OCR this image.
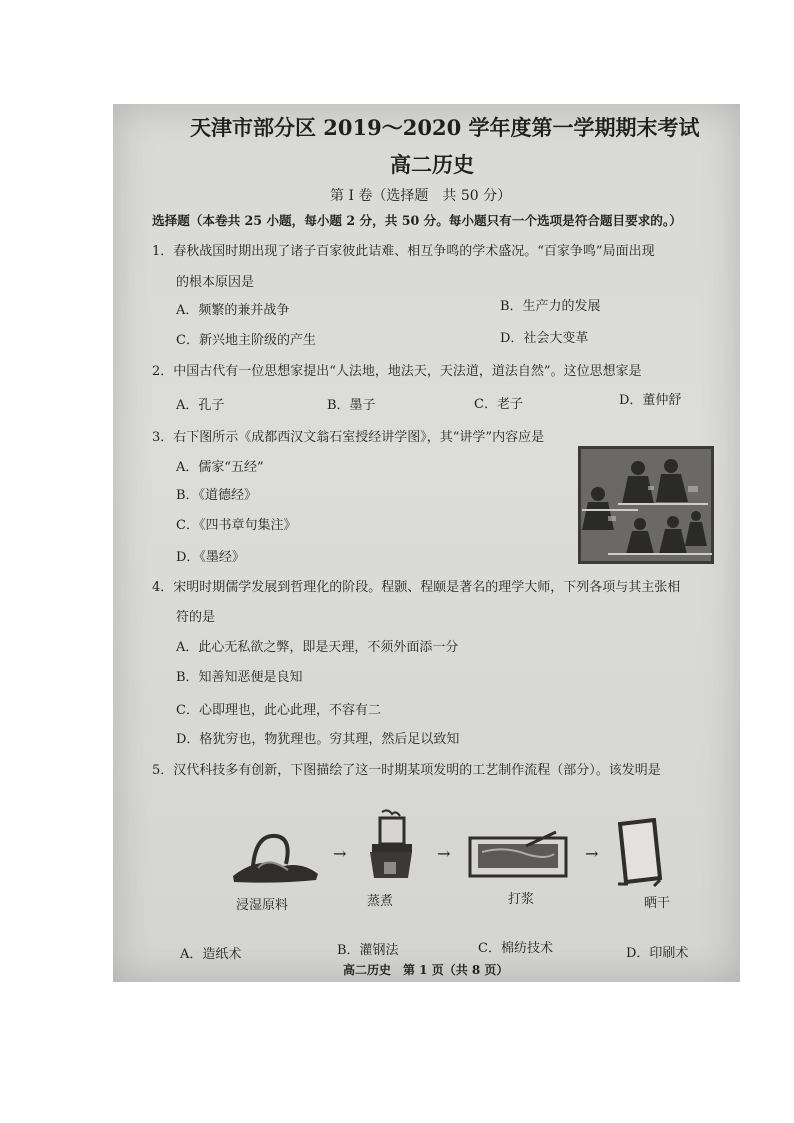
天津市部分区 2019～2020 学年度第一学期期末考试
高二历史
第 I 卷（选择题　共 50 分）
选择题（本卷共 25 小题，每小题 2 分，共 50 分。每小题只有一个选项是符合题目要求的。）
1．春秋战国时期出现了诸子百家彼此诘难、相互争鸣的学术盛况。“百家争鸣”局面出现
的根本原因是
A．频繁的兼并战争	B．生产力的发展
C．新兴地主阶级的产生	D．社会大变革
2．中国古代有一位思想家提出“人法地，地法天，天法道，道法自然”。这位思想家是
A．孔子	B．墨子	C．老子	D．董仲舒
3．右下图所示《成都西汉文翁石室授经讲学图》，其“讲学”内容应是
A．儒家“五经”
B．《道德经》
C．《四书章句集注》
D．《墨经》
4．宋明时期儒学发展到哲理化的阶段。程颢、程颐是著名的理学大师，下列各项与其主张相
符的是
A．此心无私欲之弊，即是天理，不须外面添一分
B．知善知恶便是良知
C．心即理也，此心此理，不容有二
D．格犹穷也，物犹理也。穷其理，然后足以致知
5．汉代科技多有创新，下图描绘了这一时期某项发明的工艺制作流程（部分）。该发明是
→	→	→
浸湿原料	蒸煮	打浆	晒干
A．造纸术	B．灌钢法	C．棉纺技术	D．印刷术
高二历史　第 1 页（共 8 页）
